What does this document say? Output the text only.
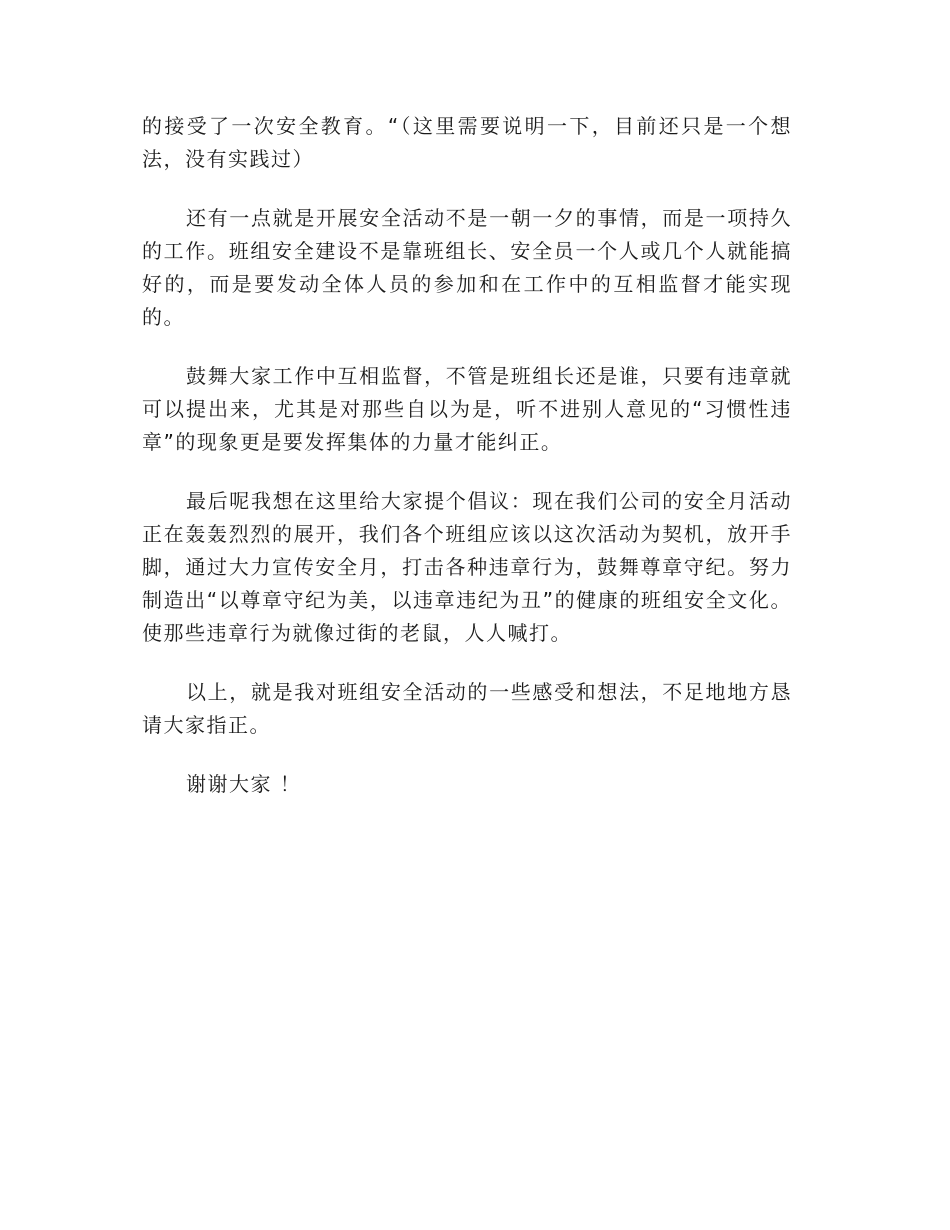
的接受了一次安全教育。“（这里需要说明一下，目前还只是一个想法，没有实践过）

还有一点就是开展安全活动不是一朝一夕的事情，而是一项持久的工作。班组安全建设不是靠班组长、安全员一个人或几个人就能搞好的，而是要发动全体人员的参加和在工作中的互相监督才能实现的。

鼓舞大家工作中互相监督，不管是班组长还是谁，只要有违章就可以提出来，尤其是对那些自以为是，听不进别人意见的“习惯性违章”的现象更是要发挥集体的力量才能纠正。

最后呢我想在这里给大家提个倡议：现在我们公司的安全月活动正在轰轰烈烈的展开，我们各个班组应该以这次活动为契机，放开手脚，通过大力宣传安全月，打击各种违章行为，鼓舞尊章守纪。努力制造出“以尊章守纪为美，以违章违纪为丑”的健康的班组安全文化。使那些违章行为就像过街的老鼠，人人喊打。

以上，就是我对班组安全活动的一些感受和想法，不足地地方恳请大家指正。

谢谢大家 ！
